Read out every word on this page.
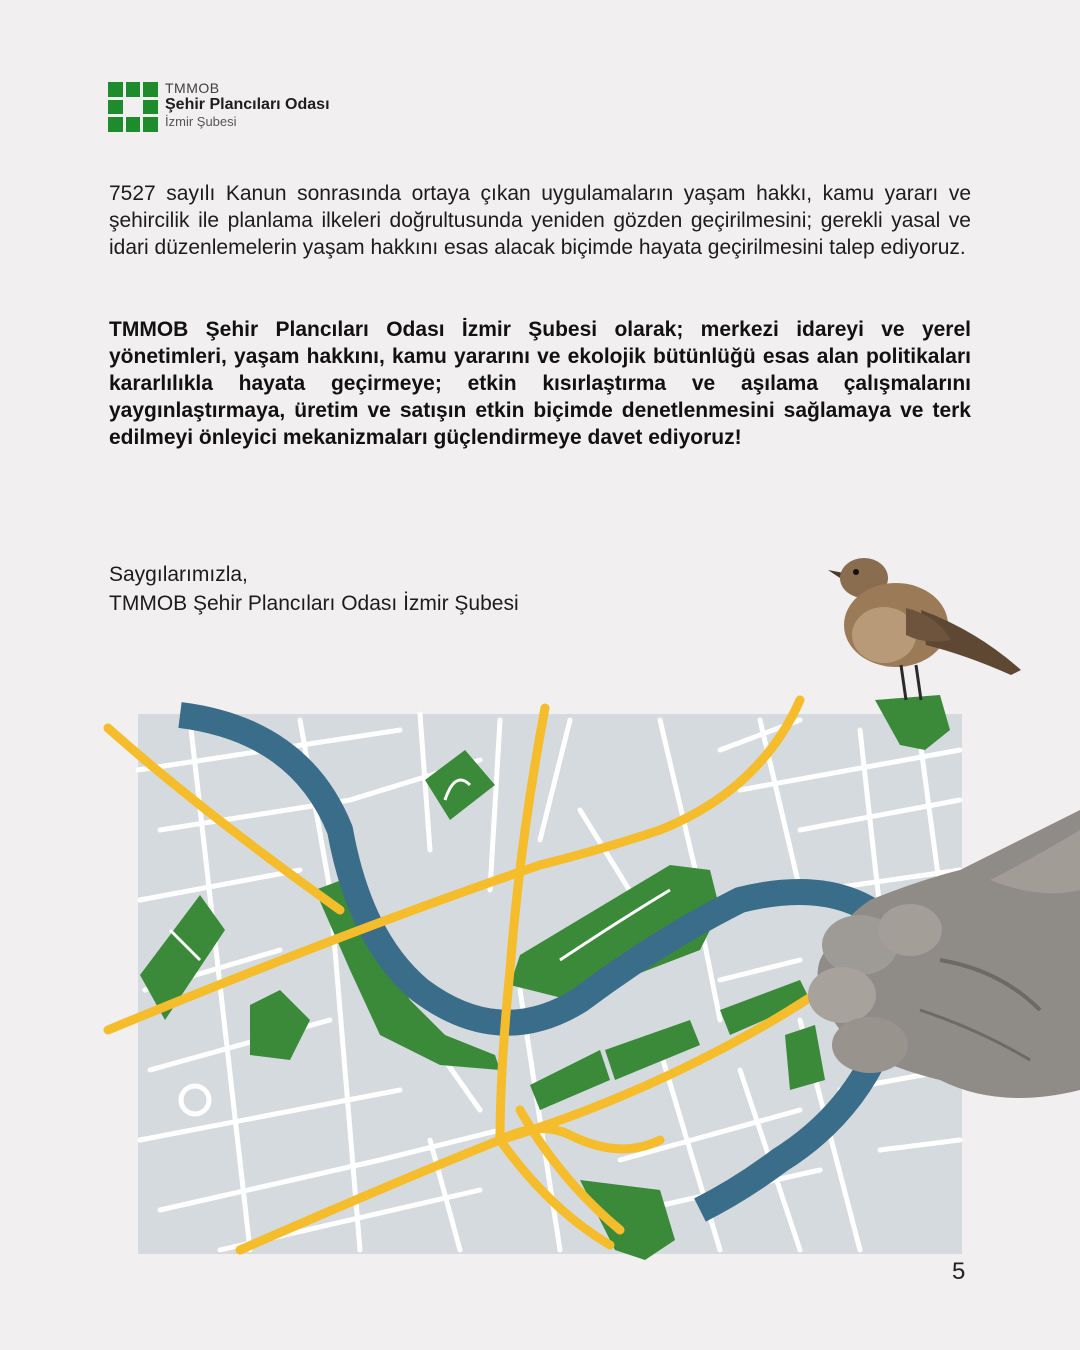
TMMOB
Şehir Plancıları Odası
İzmir Şubesi

7527 sayılı Kanun sonrasında ortaya çıkan uygulamaların yaşam hakkı, kamu yararı ve şehircilik ile planlama ilkeleri doğrultusunda yeniden gözden geçirilmesini; gerekli yasal ve idari düzenlemelerin yaşam hakkını esas alacak biçimde hayata geçirilmesini talep ediyoruz.

TMMOB Şehir Plancıları Odası İzmir Şubesi olarak; merkezi idareyi ve yerel yönetimleri, yaşam hakkını, kamu yararını ve ekolojik bütünlüğü esas alan politikaları kararlılıkla hayata geçirmeye; etkin kısırlaştırma ve aşılama çalışmalarını yaygınlaştırmaya, üretim ve satışın etkin biçimde denetlenmesini sağlamaya ve terk edilmeyi önleyici mekanizmaları güçlendirmeye davet ediyoruz!

Saygılarımızla,
TMMOB Şehir Plancıları Odası İzmir Şubesi
5
